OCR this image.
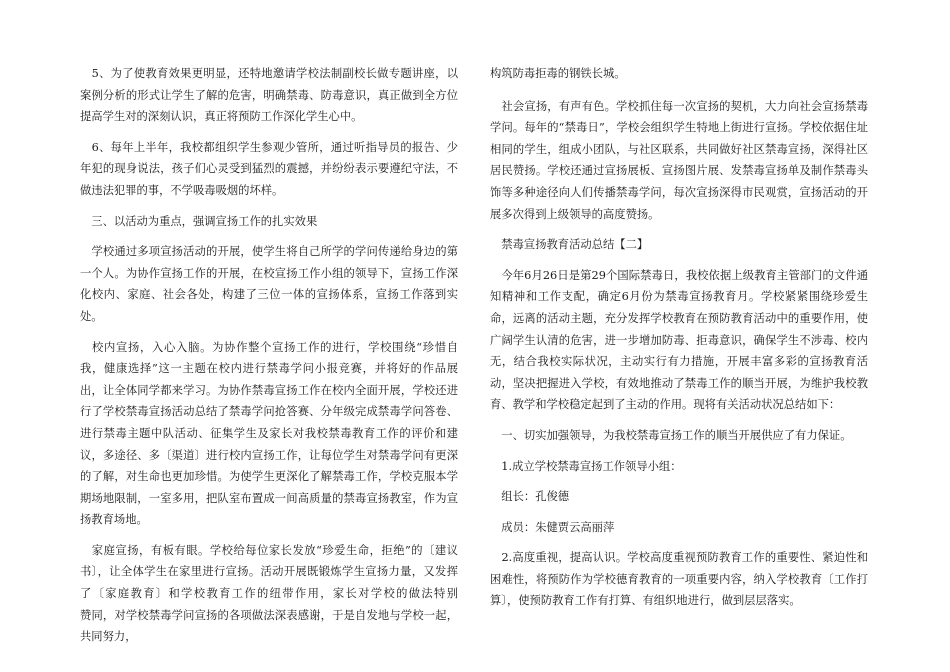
　5、为了使教育效果更明显，还特地邀请学校法制副校长做专题讲座，以案例分析的形式让学生了解的危害，明确禁毒、防毒意识，真正做到全方位提高学生对的深刻认识，真正将预防工作深化学生心中。

　6、每年上半年，我校都组织学生参观少管所，通过听指导员的报告、少年犯的现身说法，孩子们心灵受到猛烈的震撼，并纷纷表示要遵纪守法，不做违法犯罪的事，不学吸毒吸烟的坏样。

　三、以活动为重点，强调宣扬工作的扎实效果

　学校通过多项宣扬活动的开展，使学生将自己所学的学问传递给身边的第一个人。为协作宣扬工作的开展，在校宣扬工作小组的领导下，宣扬工作深化校内、家庭、社会各处，构建了三位一体的宣扬体系，宣扬工作落到实处。

　校内宣扬，入心入脑。为协作整个宣扬工作的进行，学校围绕“珍惜自我，健康选择”这一主题在校内进行禁毒学问小报竞赛，并将好的作品展出，让全体同学都来学习。为协作禁毒宣扬工作在校内全面开展，学校还进行了学校禁毒宣扬活动总结了禁毒学问抢答赛、分年级完成禁毒学问答卷、进行禁毒主题中队活动、征集学生及家长对我校禁毒教育工作的评价和建议，多途径、多〔渠道〕进行校内宣扬工作，让每位学生对禁毒学问有更深的了解，对生命也更加珍惜。为使学生更深化了解禁毒工作，学校克服本学期场地限制，一室多用，把队室布置成一间高质量的禁毒宣扬教室，作为宣扬教育场地。

　家庭宣扬，有板有眼。学校给每位家长发放“珍爱生命，拒绝”的〔建议书〕，让全体学生在家里进行宣扬。活动开展既锻炼学生宣扬力量，又发挥了〔家庭教育〕和学校教育工作的纽带作用，家长对学校的做法特别　　　赞同，对学校禁毒学问宣扬的各项做法深表感谢，于是自发地与学校一起，共同努力，

构筑防毒拒毒的钢铁长城。

　社会宣扬，有声有色。学校抓住每一次宣扬的契机，大力向社会宣扬禁毒学问。每年的“禁毒日”，学校会组织学生特地上街进行宣扬。学校依据住址相同的学生，组成小团队，与社区联系，共同做好社区禁毒宣扬，深得社区居民赞扬。学校还通过宣扬展板、宣扬图片展、发禁毒宣扬单及制作禁毒头饰等多种途径向人们传播禁毒学问，每次宣扬深得市民观赏，宣扬活动的开展多次得到上级领导的高度赞扬。

　禁毒宣扬教育活动总结【二】

　今年6月26日是第29个国际禁毒日，我校依据上级教育主管部门的文件通知精神和工作支配，确定6月份为禁毒宣扬教育月。学校紧紧围绕珍爱生命，远离的活动主题，充分发挥学校教育在预防教育活动中的重要作用，使广阔学生认清的危害，进一步增加防毒、拒毒意识，确保学生不涉毒、校内无，结合我校实际状况，主动实行有力措施，开展丰富多彩的宣扬教育活动，坚决把握进入学校，有效地推动了禁毒工作的顺当开展，为维护我校教育、教学和学校稳定起到了主动的作用。现将有关活动状况总结如下：

　一、切实加强领导，为我校禁毒宣扬工作的顺当开展供应了有力保证。

　1.成立学校禁毒宣扬工作领导小组：

　组长：孔俊德

　成员：朱健贾云高丽萍

　2.高度重视，提高认识。学校高度重视预防教育工作的重要性、紧迫性和困难性，将预防作为学校德育教育的一项重要内容，纳入学校教育〔工作打算〕，使预防教育工作有打算、有组织地进行，做到层层落实。
